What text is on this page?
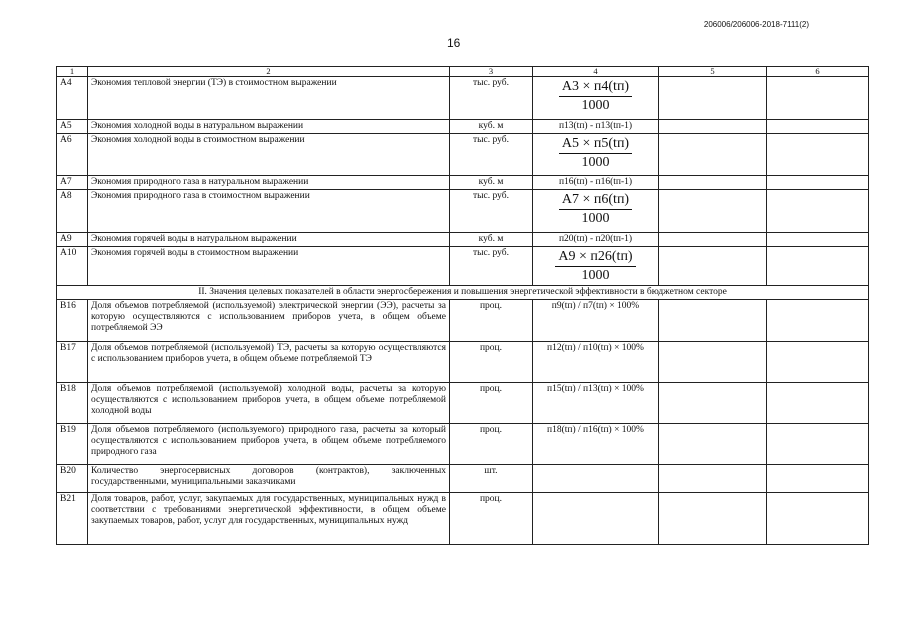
206006/206006-2018-7111(2)
16
1	2	3	4	5	6
A4	Экономия тепловой энергии (ТЭ) в стоимостном выражении	тыс. руб.	$\frac{А3 \times п4(tп)}{1000}$

A5	Экономия холодной воды в натуральном выражении	куб. м	п13(tп) - п13(tп-1)		
A6	Экономия холодной воды в стоимостном выражении	тыс. руб.	$\frac{А5 \times п5(tп)}{1000}$

A7	Экономия природного газа в натуральном выражении	куб. м	п16(tп) - п16(tп-1)		
A8	Экономия природного газа в стоимостном выражении	тыс. руб.	$\frac{А7 \times п6(tп)}{1000}$

A9	Экономия горячей воды в натуральном выражении	куб. м	п20(tп) - п20(tп-1)		
A10	Экономия горячей воды в стоимостном выражении	тыс. руб.	$\frac{А9 \times п26(tп)}{1000}$

II. Значения целевых показателей в области энергосбережения и повышения энергетической эффективности в бюджетном секторе					
B16	Доля объемов потребляемой (используемой) электрической энергии (ЭЭ), расчеты за которую осуществляются с использованием приборов учета, в общем объеме потребляемой ЭЭ	проц.	п9(tп) / п7(tп) × 100%		
B17	Доля объемов потребляемой (используемой) ТЭ, расчеты за которую осуществляются с использованием приборов учета, в общем объеме потребляемой ТЭ	проц.	п12(tп) / п10(tп) × 100%		
B18	Доля объемов потребляемой (используемой) холодной воды, расчеты за которую осуществляются с использованием приборов учета, в общем объеме потребляемой холодной воды	проц.	п15(tп) / п13(tп) × 100%		
B19	Доля объемов потребляемого (используемого) природного газа, расчеты за который осуществляются с использованием приборов учета, в общем объеме потребляемого природного газа	проц.	п18(tп) / п16(tп) × 100%		
B20	Количество энергосервисных договоров (контрактов), заключенных государственными, муниципальными заказчиками	шт.			
B21	Доля товаров, работ, услуг, закупаемых для государственных, муниципальных нужд в соответствии с требованиями энергетической эффективности, в общем объеме закупаемых товаров, работ, услуг для государственных, муниципальных нужд	проц.			
